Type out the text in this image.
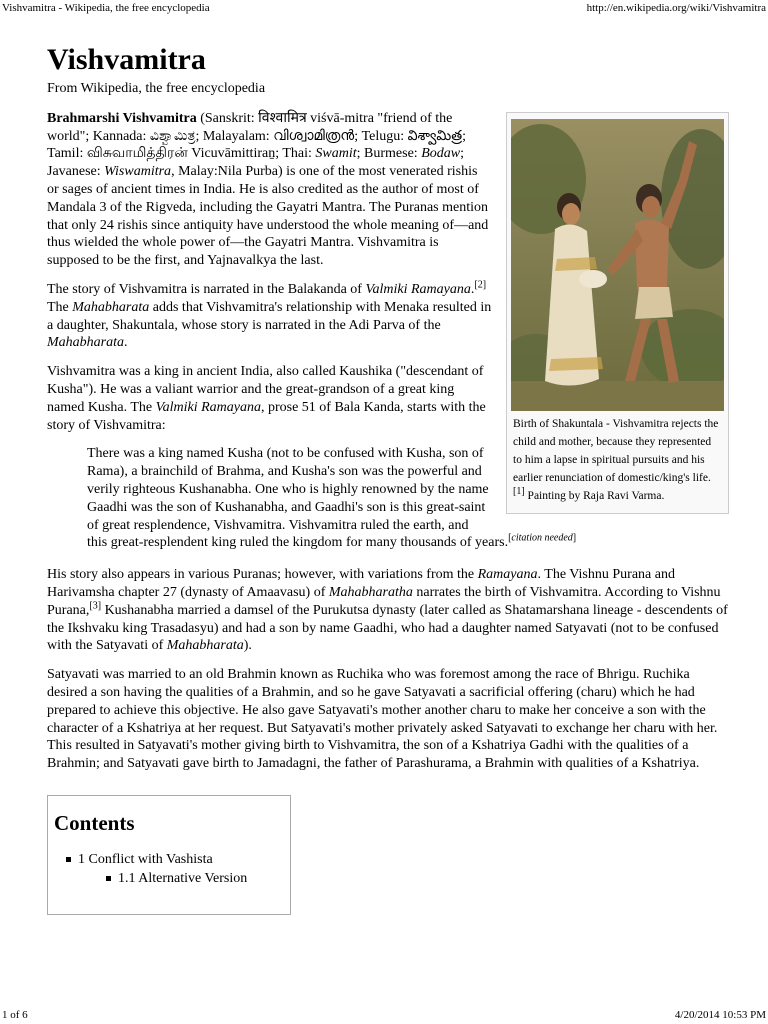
Vishvamitra - Wikipedia, the free encyclopedia	http://en.wikipedia.org/wiki/Vishvamitra
Vishvamitra
From Wikipedia, the free encyclopedia
Birth of Shakuntala - Vishvamitra rejects the child and mother, because they represented to him a lapse in spiritual pursuits and his earlier renunciation of domestic/king's life.[1] Painting by Raja Ravi Varma.

Brahmarshi Vishvamitra (Sanskrit: विश्वामित्र viśvā-mitra "friend of the world"; Kannada: ವಿಶ್ವಾಮಿತ್ರ; Malayalam: വിശ്വാമിത്രൻ; Telugu: విశ్వామిత్ర; Tamil: விசுவாமித்திரன் Vicuvāmittiraṉ; Thai: Swamit; Burmese: Bodaw; Javanese: Wiswamitra, Malay:Nila Purba) is one of the most venerated rishis or sages of ancient times in India. He is also credited as the author of most of Mandala 3 of the Rigveda, including the Gayatri Mantra. The Puranas mention that only 24 rishis since antiquity have understood the whole meaning of—and thus wielded the whole power of—the Gayatri Mantra. Vishvamitra is supposed to be the first, and Yajnavalkya the last.

The story of Vishvamitra is narrated in the Balakanda of Valmiki Ramayana.[2] The Mahabharata adds that Vishvamitra's relationship with Menaka resulted in a daughter, Shakuntala, whose story is narrated in the Adi Parva of the Mahabharata.

Vishvamitra was a king in ancient India, also called Kaushika ("descendant of Kusha"). He was a valiant warrior and the great-grandson of a great king named Kusha. The Valmiki Ramayana, prose 51 of Bala Kanda, starts with the story of Vishvamitra:

There was a king named Kusha (not to be confused with Kusha, son of Rama), a brainchild of Brahma, and Kusha's son was the powerful and verily righteous Kushanabha. One who is highly renowned by the name Gaadhi was the son of Kushanabha, and Gaadhi's son is this great-saint of great resplendence, Vishvamitra. Vishvamitra ruled the earth, and this great-resplendent king ruled the kingdom for many thousands of years.[citation needed]

His story also appears in various Puranas; however, with variations from the Ramayana. The Vishnu Purana and Harivamsha chapter 27 (dynasty of Amaavasu) of Mahabharatha narrates the birth of Vishvamitra. According to Vishnu Purana,[3] Kushanabha married a damsel of the Purukutsa dynasty (later called as Shatamarshana lineage - descendents of the Ikshvaku king Trasadasyu) and had a son by name Gaadhi, who had a daughter named Satyavati (not to be confused with the Satyavati of Mahabharata).

Satyavati was married to an old Brahmin known as Ruchika who was foremost among the race of Bhrigu. Ruchika desired a son having the qualities of a Brahmin, and so he gave Satyavati a sacrificial offering (charu) which he had prepared to achieve this objective. He also gave Satyavati's mother another charu to make her conceive a son with the character of a Kshatriya at her request. But Satyavati's mother privately asked Satyavati to exchange her charu with her. This resulted in Satyavati's mother giving birth to Vishvamitra, the son of a Kshatriya Gadhi with the qualities of a Brahmin; and Satyavati gave birth to Jamadagni, the father of Parashurama, a Brahmin with qualities of a Kshatriya.

Contents
1 Conflict with Vashista
1.1 Alternative Version
1 of 6	4/20/2014 10:53 PM
